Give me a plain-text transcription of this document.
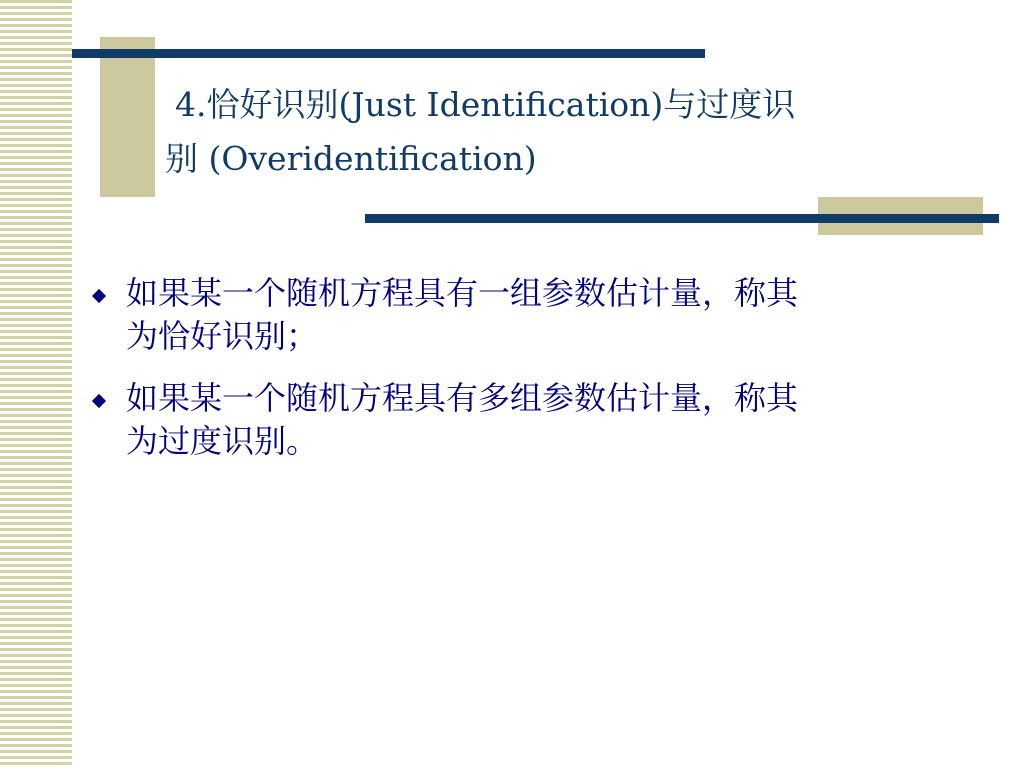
4.恰好识别(Just Identification)与过度识
别 (Overidentification)
如果某一个随机方程具有一组参数估计量，称其
为恰好识别；
如果某一个随机方程具有多组参数估计量，称其
为过度识别。
